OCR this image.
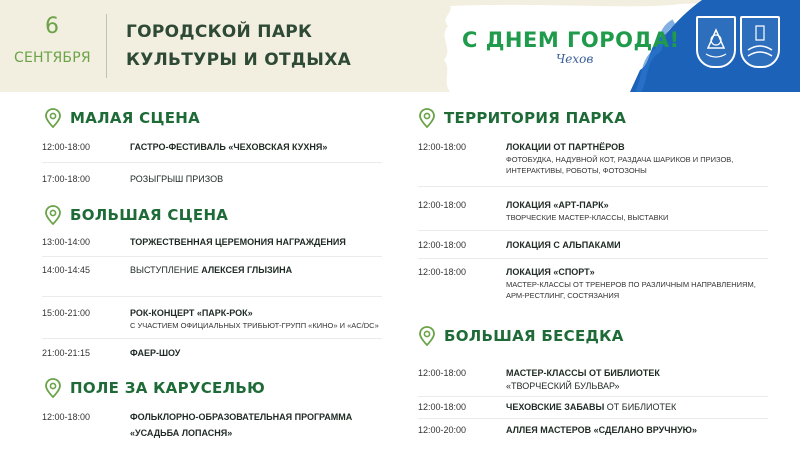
6
СЕНТЯБРЯ
ГОРОДСКОЙ ПАРК
КУЛЬТУРЫ И ОТДЫХА
С ДНЕМ ГОРОДА!
Чехов
МАЛАЯ СЦЕНА
12:00-18:00	ГАСТРО-ФЕСТИВАЛЬ «ЧЕХОВСКАЯ КУХНЯ»
17:00-18:00	РОЗЫГРЫШ ПРИЗОВ
БОЛЬШАЯ СЦЕНА
13:00-14:00	ТОРЖЕСТВЕННАЯ ЦЕРЕМОНИЯ НАГРАЖДЕНИЯ
14:00-14:45	ВЫСТУПЛЕНИЕ АЛЕКСЕЯ ГЛЫЗИНА
15:00-21:00	РОК-КОНЦЕРТ «ПАРК-РОК»
С УЧАСТИЕМ ОФИЦИАЛЬНЫХ ТРИБЬЮТ-ГРУПП «КИНО» И «AC/DC»
21:00-21:15	ФАЕР-ШОУ
ПОЛЕ ЗА КАРУСЕЛЬЮ
12:00-18:00	ФОЛЬКЛОРНО-ОБРАЗОВАТЕЛЬНАЯ ПРОГРАММА
«УСАДЬБА ЛОПАСНЯ»
ТЕРРИТОРИЯ ПАРКА
12:00-18:00	ЛОКАЦИИ ОТ ПАРТНЁРОВ
ФОТОБУДКА, НАДУВНОЙ КОТ, РАЗДАЧА ШАРИКОВ И ПРИЗОВ,
ИНТЕРАКТИВЫ, РОБОТЫ, ФОТОЗОНЫ
12:00-18:00	ЛОКАЦИЯ «АРТ-ПАРК»
ТВОРЧЕСКИЕ МАСТЕР-КЛАССЫ, ВЫСТАВКИ
12:00-18:00	ЛОКАЦИЯ С АЛЬПАКАМИ
12:00-18:00	ЛОКАЦИЯ «СПОРТ»
МАСТЕР-КЛАССЫ ОТ ТРЕНЕРОВ ПО РАЗЛИЧНЫМ НАПРАВЛЕНИЯМ,
АРМ-РЕСТЛИНГ, СОСТЯЗАНИЯ
БОЛЬШАЯ БЕСЕДКА
12:00-18:00	МАСТЕР-КЛАССЫ ОТ БИБЛИОТЕК
«ТВОРЧЕСКИЙ БУЛЬВАР»
12:00-18:00	ЧЕХОВСКИЕ ЗАБАВЫ ОТ БИБЛИОТЕК
12:00-20:00	АЛЛЕЯ МАСТЕРОВ «СДЕЛАНО ВРУЧНУЮ»
